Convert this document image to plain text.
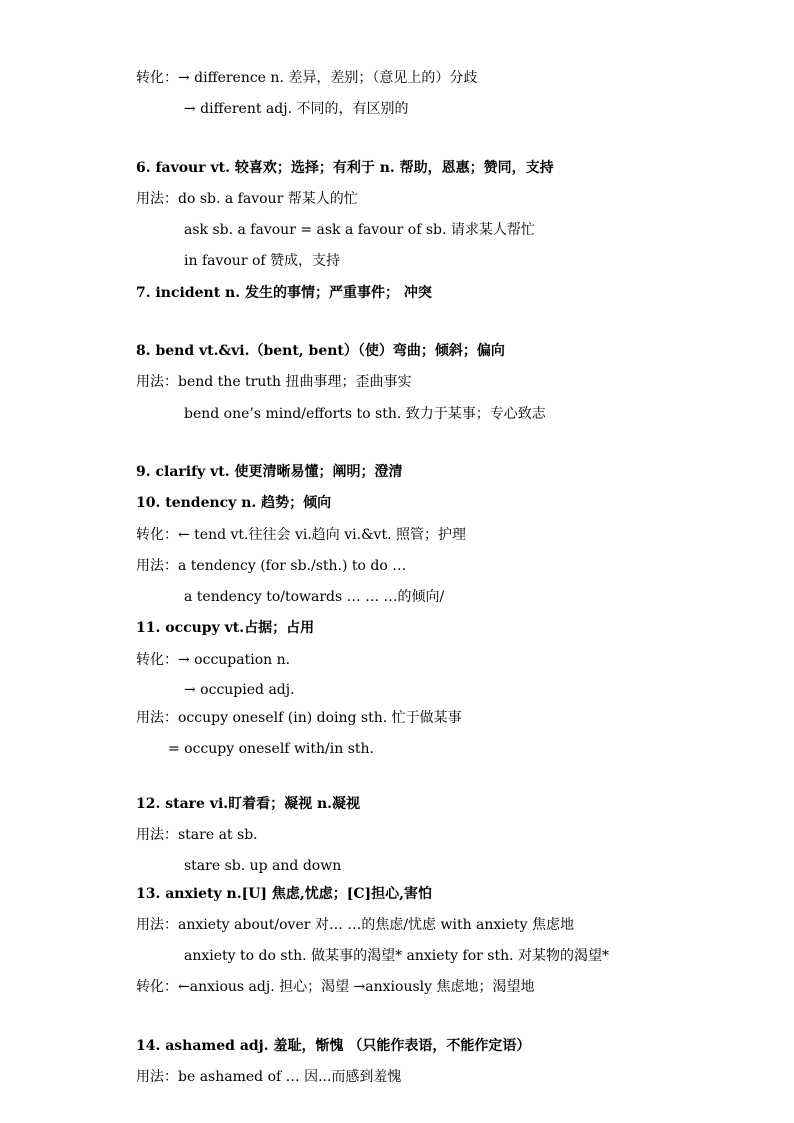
转化：→ difference n. 差异，差别；（意见上的）分歧
→ different adj. 不同的，有区别的
6. favour vt. 较喜欢；选择；有利于 n. 帮助，恩惠；赞同，支持
用法：do sb. a favour 帮某人的忙
ask sb. a favour = ask a favour of sb. 请求某人帮忙
in favour of 赞成，支持
7. incident n. 发生的事情；严重事件； 冲突
8. bend vt.&vi.（bent, bent）（使）弯曲；倾斜；偏向
用法：bend the truth 扭曲事理；歪曲事实
bend one’s mind/efforts to sth. 致力于某事；专心致志
9. clarify vt. 使更清晰易懂；阐明；澄清
10. tendency n. 趋势；倾向
转化：← tend vt.往往会 vi.趋向 vi.&vt. 照管；护理
用法：a tendency (for sb./sth.) to do …
a tendency to/towards … … …的倾向/
11. occupy vt.占据；占用
转化：→ occupation n.
→ occupied adj.
用法：occupy oneself (in) doing sth. 忙于做某事
= occupy oneself with/in sth.
12. stare vi.盯着看；凝视 n.凝视
用法：stare at sb.
stare sb. up and down
13. anxiety n.[U] 焦虑,忧虑；[C]担心,害怕
用法：anxiety about/over 对… …的焦虑/忧虑 with anxiety 焦虑地
anxiety to do sth. 做某事的渴望* anxiety for sth. 对某物的渴望*
转化：←anxious adj. 担心；渴望 →anxiously 焦虑地；渴望地
14. ashamed adj. 羞耻，惭愧 （只能作表语，不能作定语）
用法：be ashamed of … 因...而感到羞愧
